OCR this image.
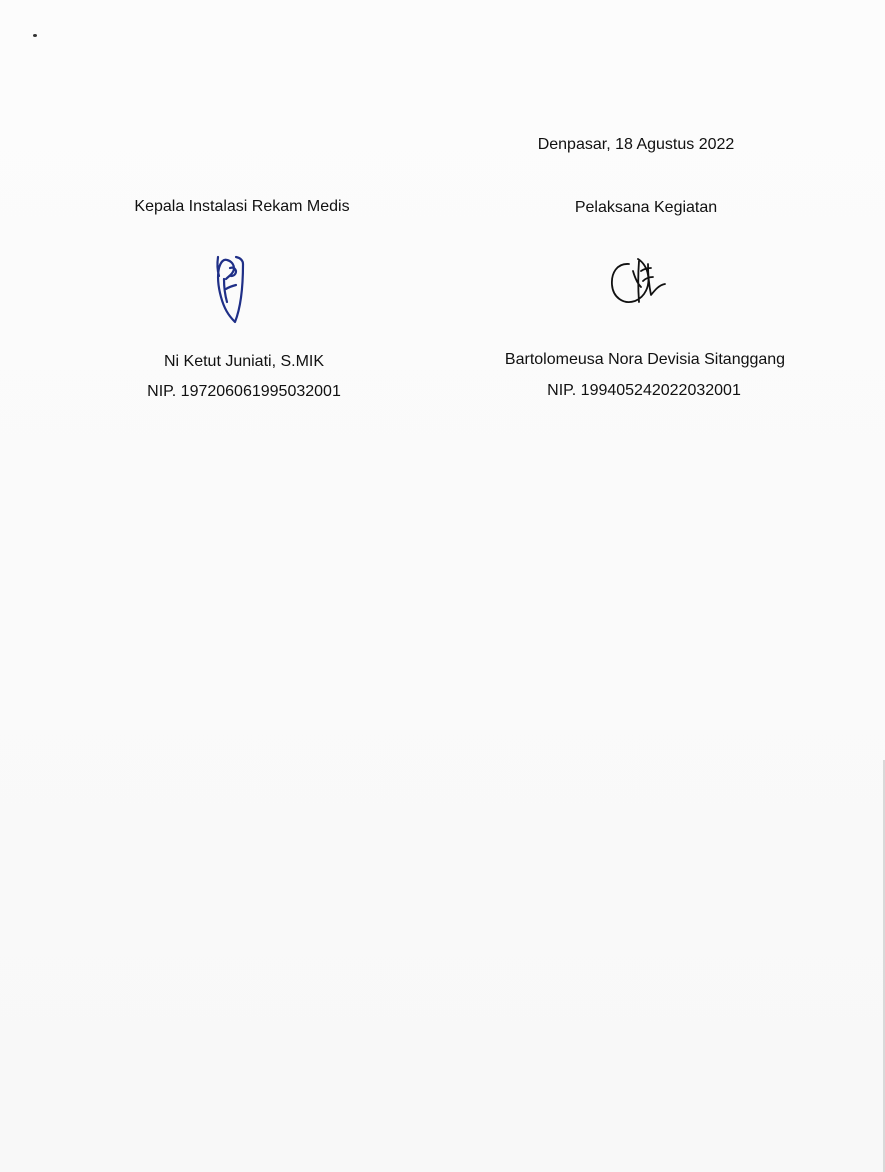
Denpasar, 18 Agustus 2022
Kepala Instalasi Rekam Medis	Pelaksana Kegiatan
Ni Ketut Juniati, S.MIK	Bartolomeusa Nora Devisia Sitanggang
NIP. 197206061995032001	NIP. 199405242022032001
